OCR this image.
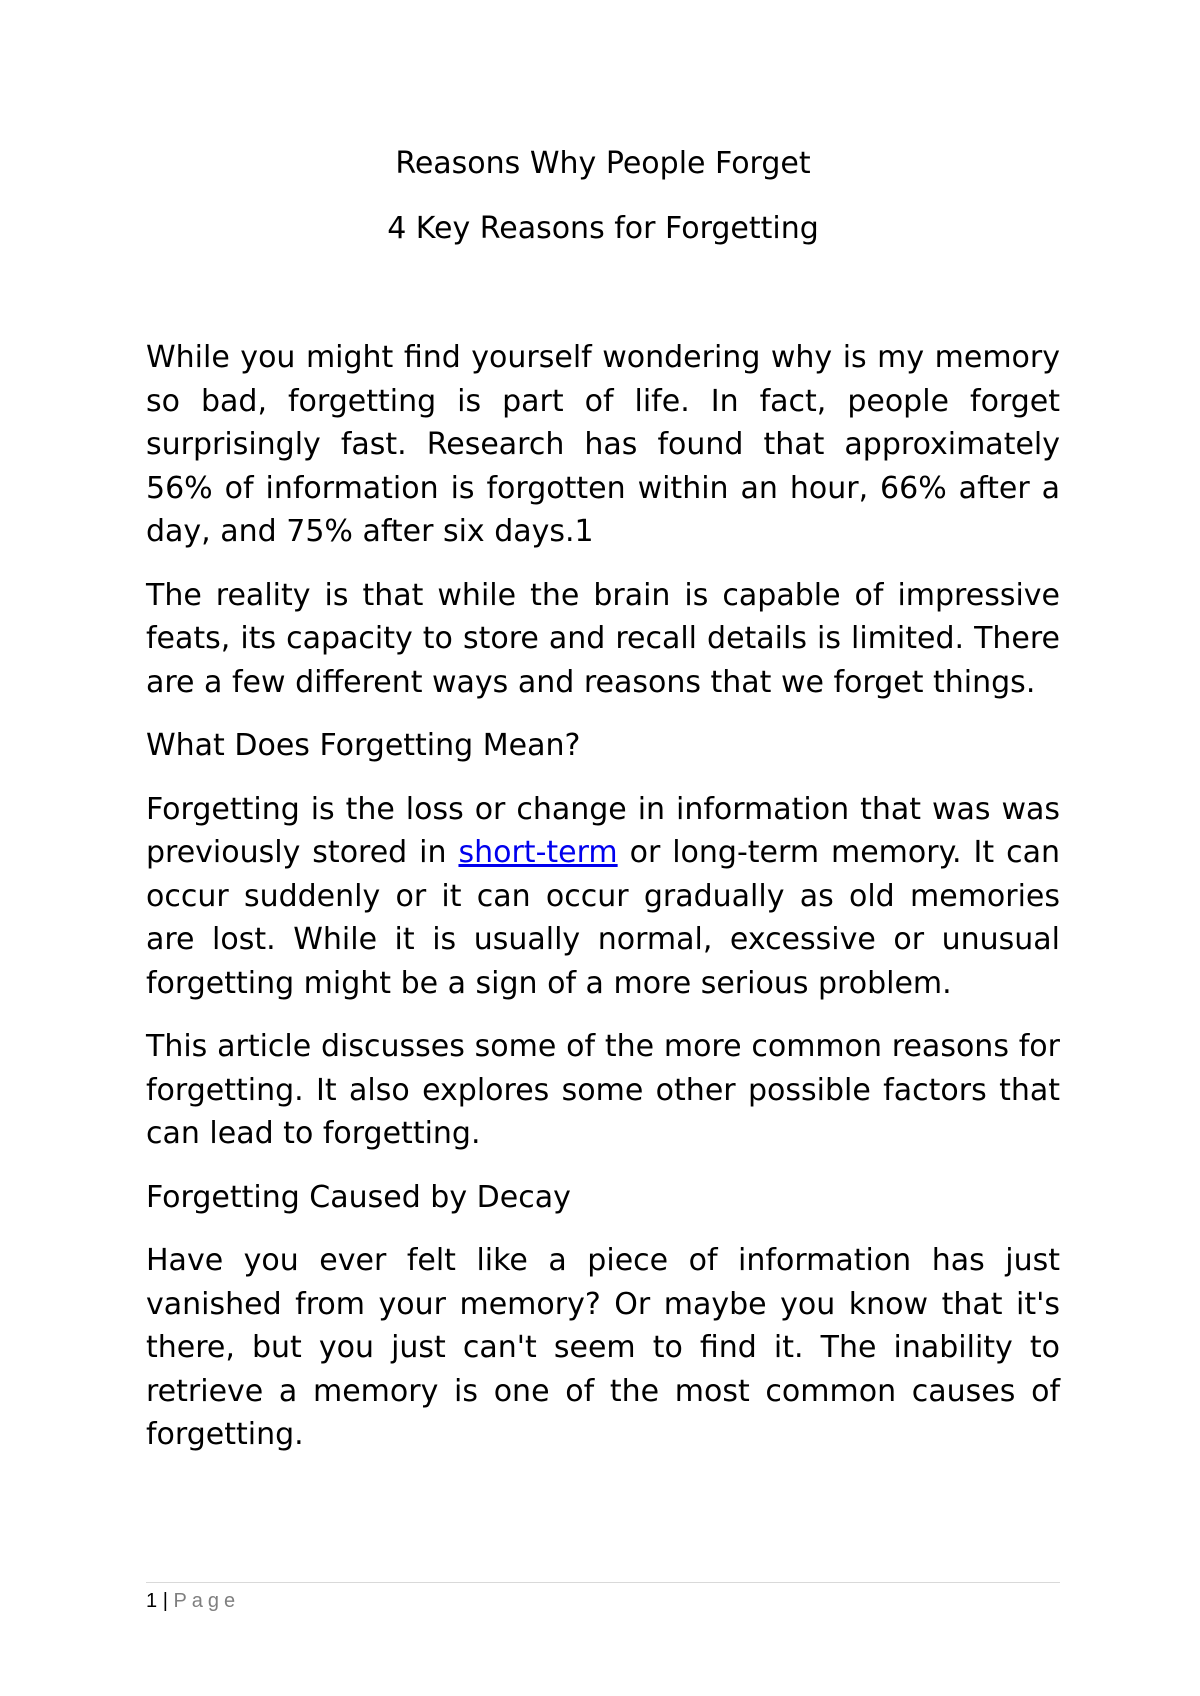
Reasons Why People Forget
4 Key Reasons for Forgetting

While you might find yourself wondering why is my memory so bad, forgetting is part of life. In fact, people forget surprisingly fast. Research has found that approximately 56% of information is forgotten within an hour, 66% after a day, and 75% after six days.1

The reality is that while the brain is capable of impressive feats, its capacity to store and recall details is limited. There are a few different ways and reasons that we forget things.

What Does Forgetting Mean?

Forgetting is the loss or change in information that was was previously stored in short-term or long-term memory. It can occur suddenly or it can occur gradually as old memories are lost. While it is usually normal, excessive or unusual forgetting might be a sign of a more serious problem.

This article discusses some of the more common reasons for forgetting. It also explores some other possible factors that can lead to forgetting.

Forgetting Caused by Decay

Have you ever felt like a piece of information has just vanished from your memory? Or maybe you know that it's there, but you just can't seem to find it. The inability to retrieve a memory is one of the most common causes of forgetting.

1 | Page
